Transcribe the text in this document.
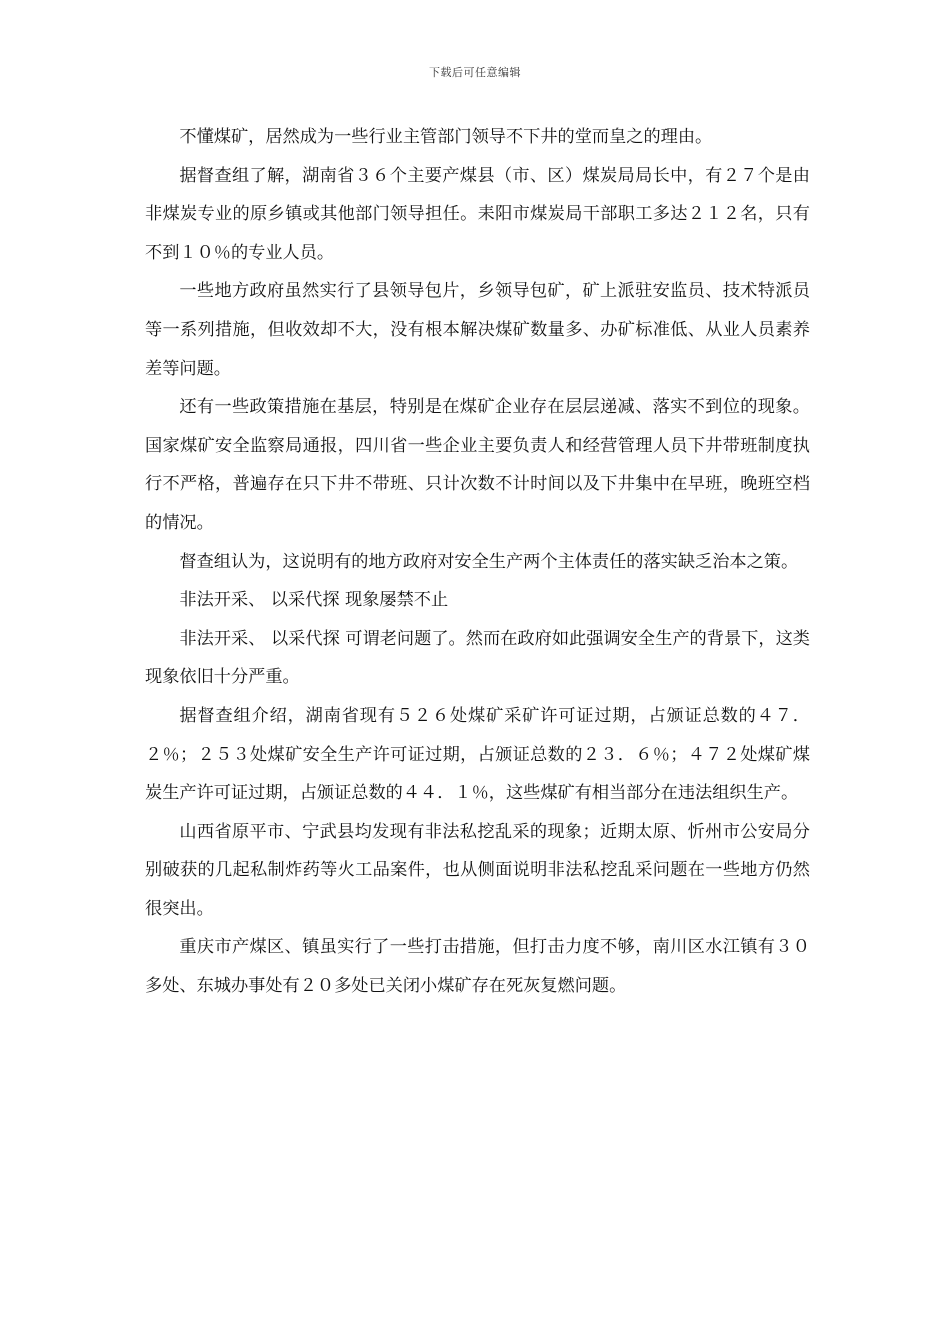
下载后可任意编辑

不懂煤矿，居然成为一些行业主管部门领导不下井的堂而皇之的理由。

据督查组了解，湖南省３６个主要产煤县（市、区）煤炭局局长中，有２７个是由非煤炭专业的原乡镇或其他部门领导担任。耒阳市煤炭局干部职工多达２１２名，只有不到１０％的专业人员。

一些地方政府虽然实行了县领导包片，乡领导包矿，矿上派驻安监员、技术特派员等一系列措施，但收效却不大，没有根本解决煤矿数量多、办矿标准低、从业人员素养差等问题。

还有一些政策措施在基层，特别是在煤矿企业存在层层递减、落实不到位的现象。国家煤矿安全监察局通报，四川省一些企业主要负责人和经营管理人员下井带班制度执行不严格，普遍存在只下井不带班、只计次数不计时间以及下井集中在早班，晚班空档的情况。

督查组认为，这说明有的地方政府对安全生产两个主体责任的落实缺乏治本之策。

非法开采、 以采代探 现象屡禁不止

非法开采、 以采代探 可谓老问题了。然而在政府如此强调安全生产的背景下，这类现象依旧十分严重。

据督查组介绍，湖南省现有５２６处煤矿采矿许可证过期，占颁证总数的４７．２％；２５３处煤矿安全生产许可证过期，占颁证总数的２３．６％；４７２处煤矿煤炭生产许可证过期，占颁证总数的４４．１％，这些煤矿有相当部分在违法组织生产。

山西省原平市、宁武县均发现有非法私挖乱采的现象；近期太原、忻州市公安局分别破获的几起私制炸药等火工品案件，也从侧面说明非法私挖乱采问题在一些地方仍然很突出。

重庆市产煤区、镇虽实行了一些打击措施，但打击力度不够，南川区水江镇有３０多处、东城办事处有２０多处已关闭小煤矿存在死灰复燃问题。
